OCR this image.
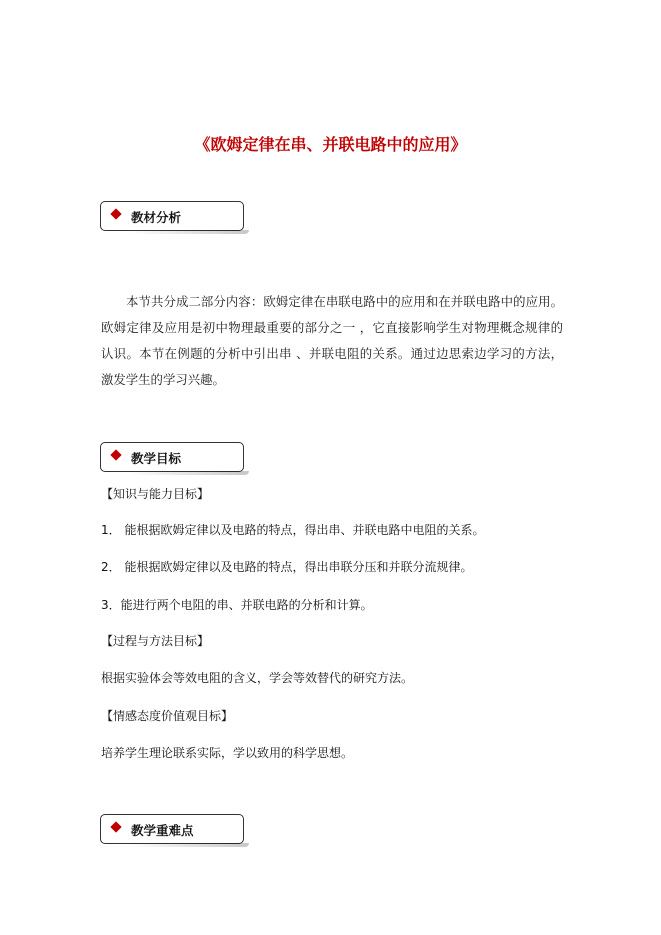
《欧姆定律在串、并联电路中的应用》
教材分析

本节共分成二部分内容：欧姆定律在串联电路中的应用和在并联电路中的应用。欧姆定律及应用是初中物理最重要的部分之一 ，它直接影响学生对物理概念规律的认识。本节在例题的分析中引出串 、并联电阻的关系。通过边思索边学习的方法，激发学生的学习兴趣。

教学目标
【知识与能力目标】
1． 能根据欧姆定律以及电路的特点，得出串、并联电路中电阻的关系。
2． 能根据欧姆定律以及电路的特点，得出串联分压和并联分流规律。
3．能进行两个电阻的串、并联电路的分析和计算。
【过程与方法目标】
根据实验体会等效电阻的含义，学会等效替代的研究方法。
【情感态度价值观目标】
培养学生理论联系实际，学以致用的科学思想。
教学重难点
